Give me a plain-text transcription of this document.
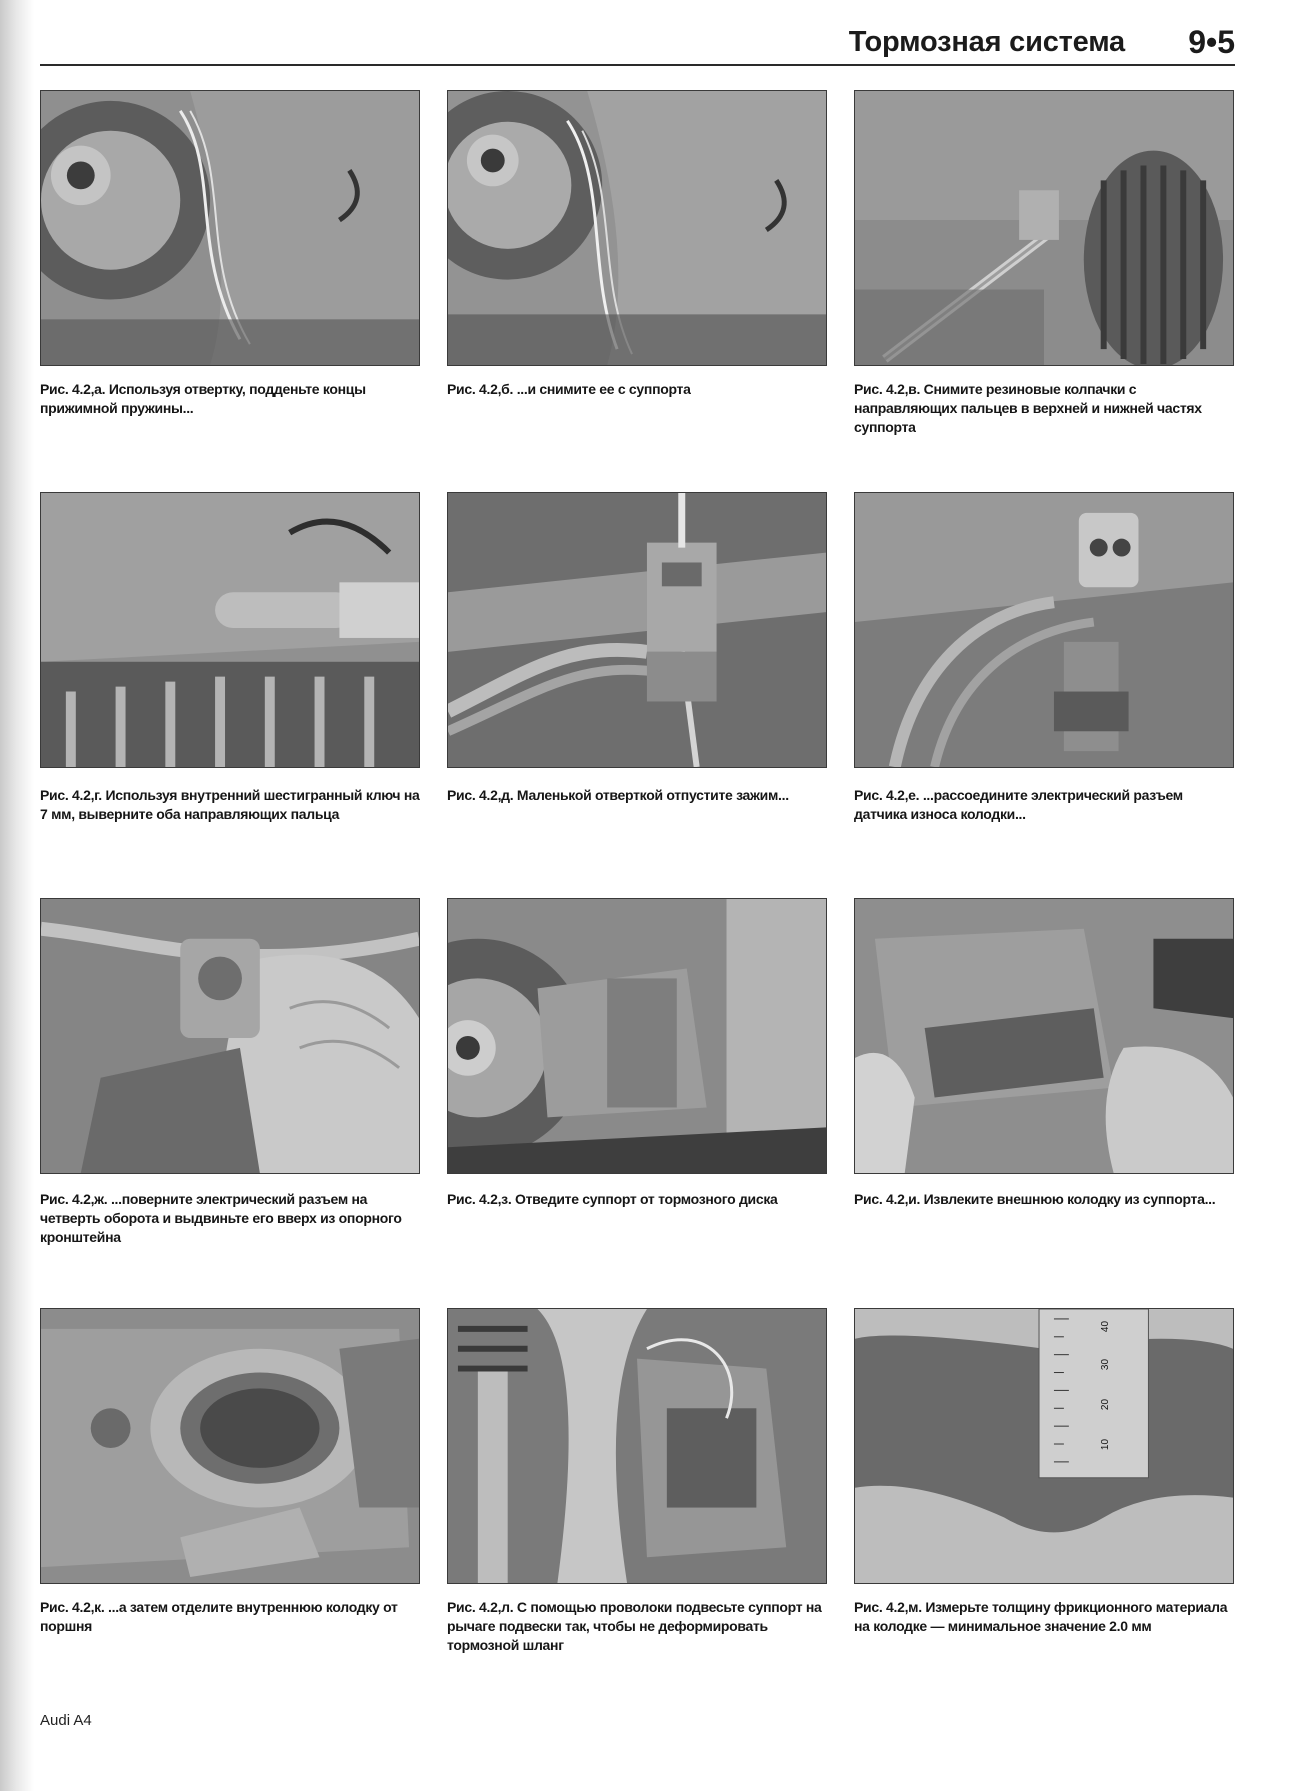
Тормозная система 9•5
Рис. 4.2,а. Используя отвертку, подденьте концы прижимной пружины...
Рис. 4.2,б. ...и снимите ее с суппорта	Рис. 4.2,в. Снимите резиновые колпачки с направляющих пальцев в верхней и нижней частях суппорта
Рис. 4.2,г. Используя внутренний шестигранный ключ на 7 мм, выверните оба направляющих пальца
Рис. 4.2,д. Маленькой отверткой отпустите зажим...	Рис. 4.2,е. ...рассоедините электрический разъем датчика износа колодки...
Рис. 4.2,ж. ...поверните электрический разъем на четверть оборота и выдвиньте его вверх из опорного кронштейна
Рис. 4.2,з. Отведите суппорт от тормозного диска	Рис. 4.2,и. Извлеките внешнюю колодку из суппорта...
Рис. 4.2,к. ...а затем отделите внутреннюю колодку от поршня
Рис. 4.2,л. С помощью проволоки подвесьте суппорт на рычаге подвески так, чтобы не деформировать тормозной шланг
10
20
30
40
Рис. 4.2,м. Измерьте толщину фрикционного материала на колодке — минимальное значение 2.0 мм
Audi A4
